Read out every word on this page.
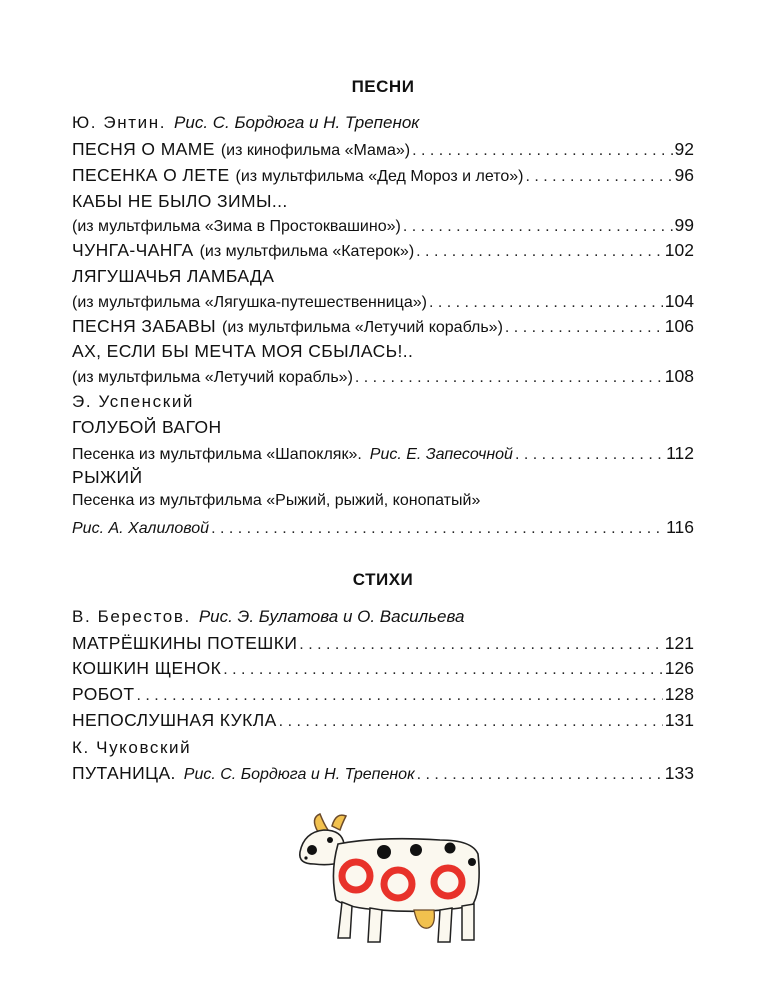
ПЕСНИ
Ю. Энтин. Рис. С. Бордюга и Н. Трепенок
ПЕСНЯ О МАМЕ (из кинофильма «Мама») . . .	92
ПЕСЕНКА О ЛЕТЕ (из мультфильма «Дед Мороз и лето») . . .	96
КАБЫ НЕ БЫЛО ЗИМЫ...
(из мультфильма «Зима в Простоквашино») . . .	99
ЧУНГА-ЧАНГА (из мультфильма «Катерок») . . .	102
ЛЯГУШАЧЬЯ ЛАМБАДА
(из мультфильма «Лягушка-путешественница») . . .	104
ПЕСНЯ ЗАБАВЫ (из мультфильма «Летучий корабль») . . .	106
АХ, ЕСЛИ БЫ МЕЧТА МОЯ СБЫЛАСЬ!..
(из мультфильма «Летучий корабль») . . .	108
Э. Успенский
ГОЛУБОЙ ВАГОН
Песенка из мультфильма «Шапокляк». Рис. Е. Запесочной . . .	112
РЫЖИЙ
Песенка из мультфильма «Рыжий, рыжий, конопатый»
Рис. А. Халиловой . . .	116
СТИХИ
В. Берестов. Рис. Э. Булатова и О. Васильева
МАТРЁШКИНЫ ПОТЕШКИ . . .	121
КОШКИН ЩЕНОК . . .	126
РОБОТ . . .	128
НЕПОСЛУШНАЯ КУКЛА . . .	131
К. Чуковский
ПУТАНИЦА. Рис. С. Бордюга и Н. Трепенок . . .	133
